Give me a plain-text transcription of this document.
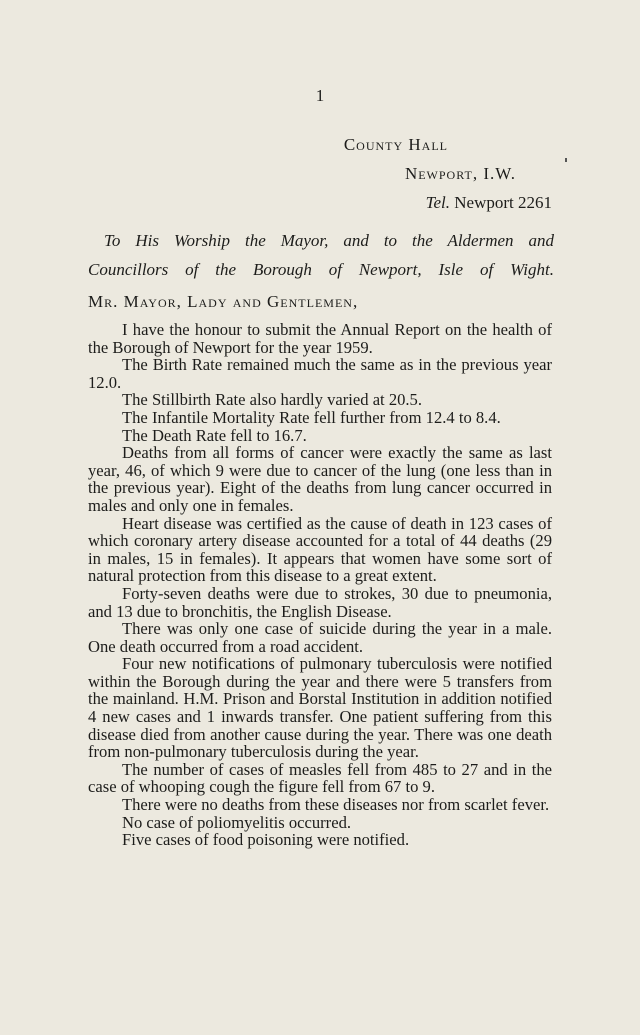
1
County Hall
Newport, I.W.
Tel. Newport 2261
To His Worship the Mayor, and to the Aldermen and
Councillors of the Borough of Newport, Isle of Wight.
Mr. Mayor, Lady and Gentlemen,

I have the honour to submit the Annual Report on the health of the Borough of Newport for the year 1959.

The Birth Rate remained much the same as in the previous year 12.0.

The Stillbirth Rate also hardly varied at 20.5.

The Infantile Mortality Rate fell further from 12.4 to 8.4.

The Death Rate fell to 16.7.

Deaths from all forms of cancer were exactly the same as last year, 46, of which 9 were due to cancer of the lung (one less than in the previous year). Eight of the deaths from lung cancer occurred in males and only one in females.

Heart disease was certified as the cause of death in 123 cases of which coronary artery disease accounted for a total of 44 deaths (29 in males, 15 in females). It appears that women have some sort of natural protection from this disease to a great extent.

Forty-seven deaths were due to strokes, 30 due to pneumonia, and 13 due to bronchitis, the English Disease.

There was only one case of suicide during the year in a male. One death occurred from a road accident.

Four new notifications of pulmonary tuberculosis were notified within the Borough during the year and there were 5 transfers from the mainland. H.M. Prison and Borstal Institution in addition notified 4 new cases and 1 inwards transfer. One patient suffering from this disease died from another cause during the year. There was one death from non-pulmonary tuberculosis during the year.

The number of cases of measles fell from 485 to 27 and in the case of whooping cough the figure fell from 67 to 9.

There were no deaths from these diseases nor from scarlet fever.

No case of poliomyelitis occurred.

Five cases of food poisoning were notified.
